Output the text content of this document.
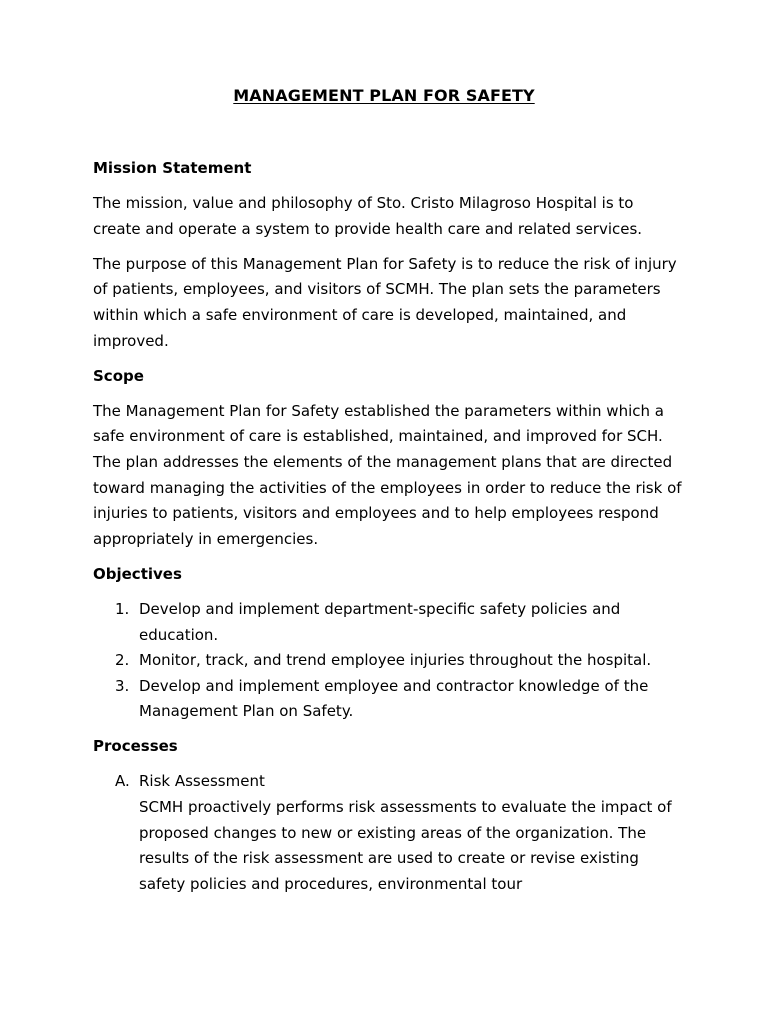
MANAGEMENT PLAN FOR SAFETY
Mission Statement

The mission, value and philosophy of Sto. Cristo Milagroso Hospital is to create and operate a system to provide health care and related services.

The purpose of this Management Plan for Safety is to reduce the risk of injury of patients, employees, and visitors of SCMH. The plan sets the parameters within which a safe environment of care is developed, maintained, and improved.

Scope

The Management Plan for Safety established the parameters within which a safe environment of care is established, maintained, and improved for SCH. The plan addresses the elements of the management plans that are directed toward managing the activities of the employees in order to reduce the risk of injuries to patients, visitors and employees and to help employees respond appropriately in emergencies.

Objectives
1. Develop and implement department-specific safety policies and education.
2. Monitor, track, and trend employee injuries throughout the hospital.
3. Develop and implement employee and contractor knowledge of the Management Plan on Safety.
Processes
A. Risk Assessment
SCMH proactively performs risk assessments to evaluate the impact of proposed changes to new or existing areas of the organization. The results of the risk assessment are used to create or revise existing safety policies and procedures, environmental tour
